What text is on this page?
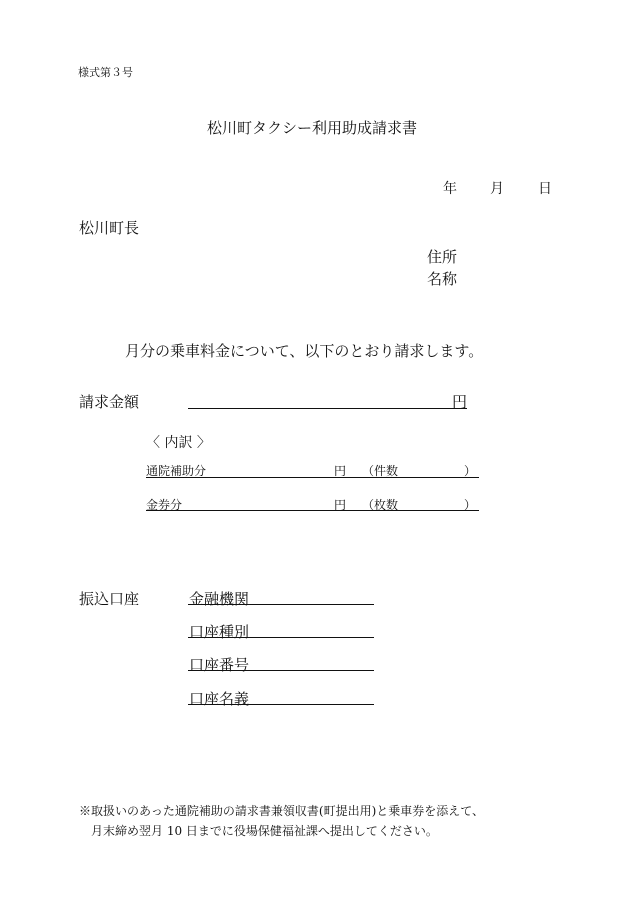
様式第３号
松川町タクシー利用助成請求書
年 月 日
松川町長
住所
名称
月分の乗車料金について、以下のとおり請求します。
請求金額	円
〈 内訳 〉
通院補助分	円 （件数	）
金券分	円 （枚数	）
振込口座	金融機関
口座種別
口座番号
口座名義
※取扱いのあった通院補助の請求書兼領収書(町提出用)と乗車券を添えて、
月末締め翌月 10 日までに役場保健福祉課へ提出してください。
